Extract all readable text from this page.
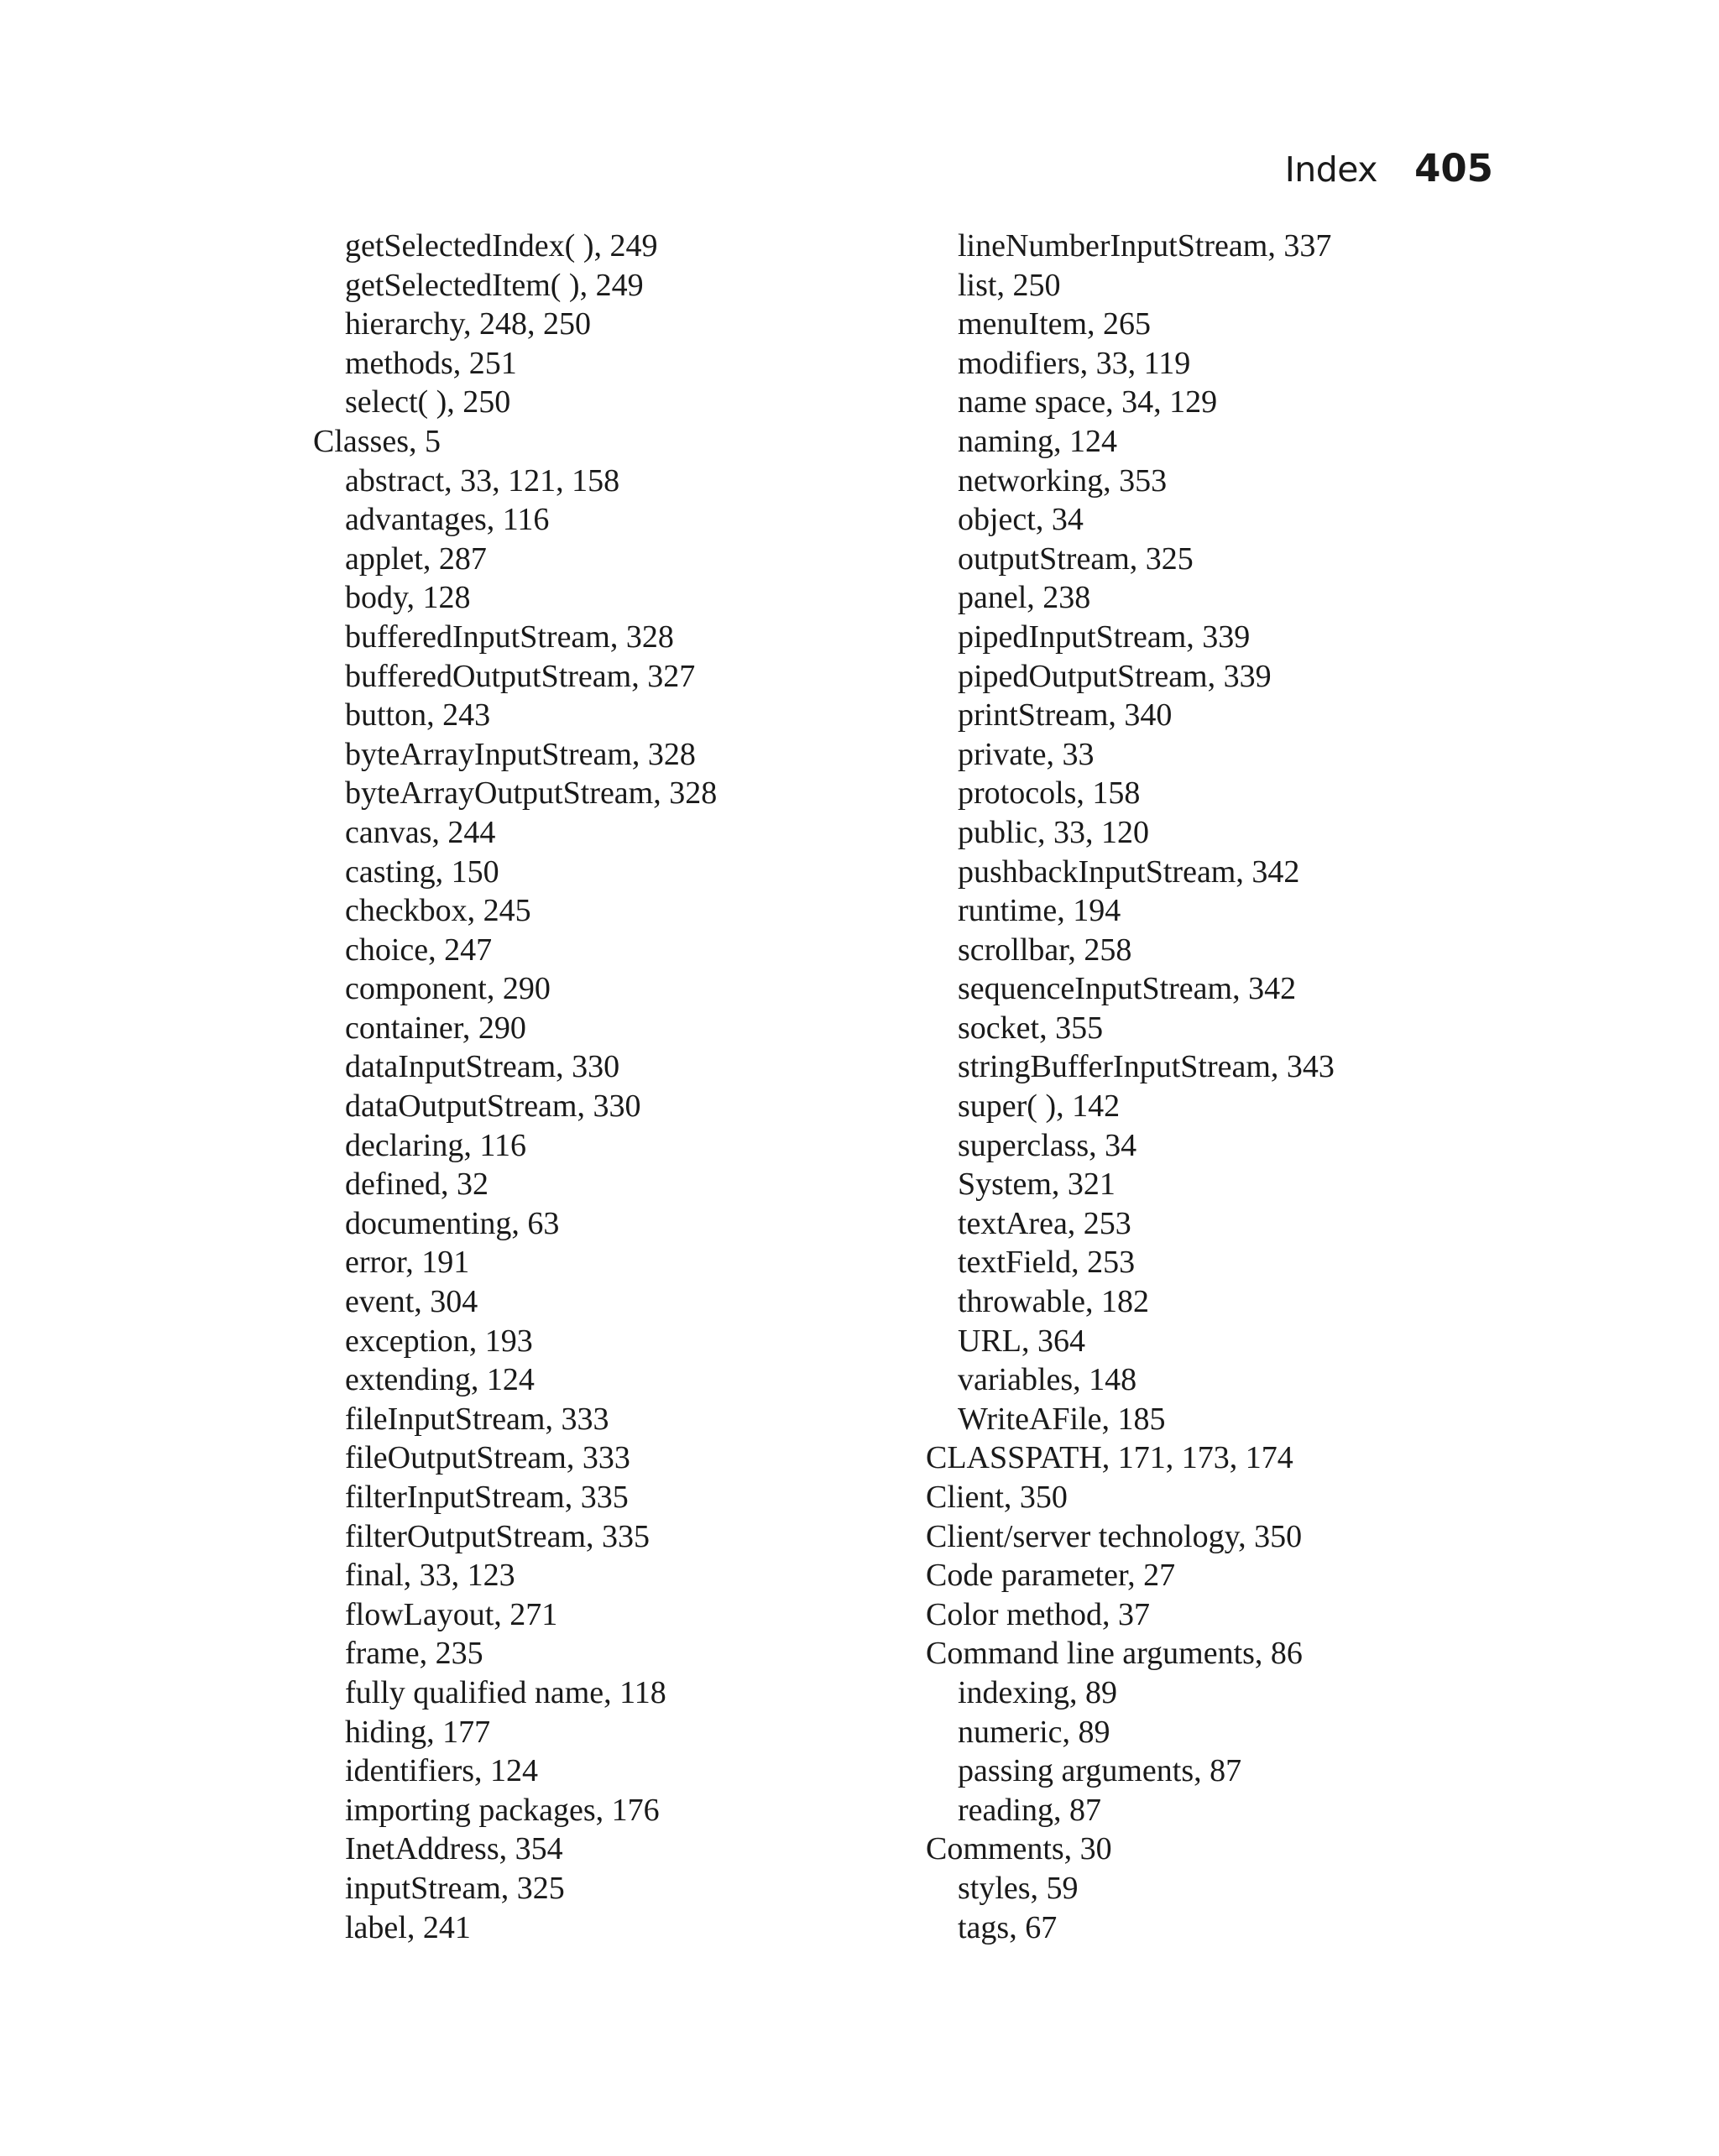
Index 405
getSelectedIndex( ), 249
getSelectedItem( ), 249
hierarchy, 248, 250
methods, 251
select( ), 250
Classes, 5
abstract, 33, 121, 158
advantages, 116
applet, 287
body, 128
bufferedInputStream, 328
bufferedOutputStream, 327
button, 243
byteArrayInputStream, 328
byteArrayOutputStream, 328
canvas, 244
casting, 150
checkbox, 245
choice, 247
component, 290
container, 290
dataInputStream, 330
dataOutputStream, 330
declaring, 116
defined, 32
documenting, 63
error, 191
event, 304
exception, 193
extending, 124
fileInputStream, 333
fileOutputStream, 333
filterInputStream, 335
filterOutputStream, 335
final, 33, 123
flowLayout, 271
frame, 235
fully qualified name, 118
hiding, 177
identifiers, 124
importing packages, 176
InetAddress, 354
inputStream, 325
label, 241
lineNumberInputStream, 337
list, 250
menuItem, 265
modifiers, 33, 119
name space, 34, 129
naming, 124
networking, 353
object, 34
outputStream, 325
panel, 238
pipedInputStream, 339
pipedOutputStream, 339
printStream, 340
private, 33
protocols, 158
public, 33, 120
pushbackInputStream, 342
runtime, 194
scrollbar, 258
sequenceInputStream, 342
socket, 355
stringBufferInputStream, 343
super( ), 142
superclass, 34
System, 321
textArea, 253
textField, 253
throwable, 182
URL, 364
variables, 148
WriteAFile, 185
CLASSPATH, 171, 173, 174
Client, 350
Client/server technology, 350
Code parameter, 27
Color method, 37
Command line arguments, 86
indexing, 89
numeric, 89
passing arguments, 87
reading, 87
Comments, 30
styles, 59
tags, 67
